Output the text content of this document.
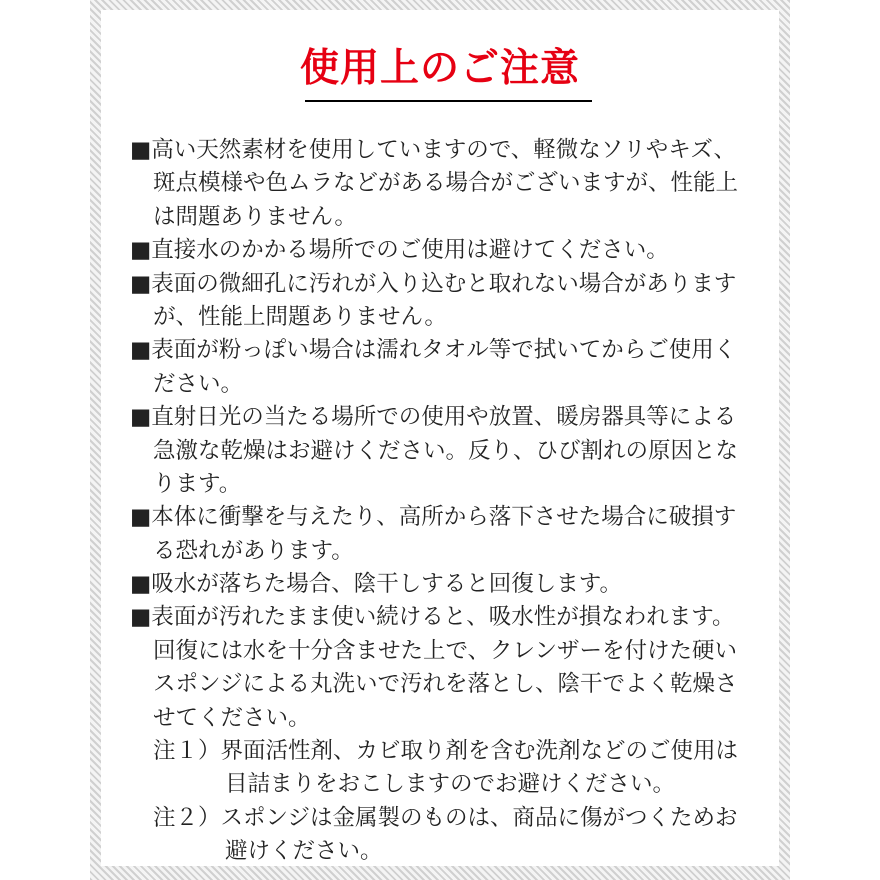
使用上のご注意
■高い天然素材を使用していますので、軽微なソリやキズ、
斑点模様や色ムラなどがある場合がございますが、性能上
は問題ありません。
■直接水のかかる場所でのご使用は避けてください。
■表面の微細孔に汚れが入り込むと取れない場合があります
が、性能上問題ありません。
■表面が粉っぽい場合は濡れタオル等で拭いてからご使用く
ださい。
■直射日光の当たる場所での使用や放置、暖房器具等による
急激な乾燥はお避けください。反り、ひび割れの原因とな
ります。
■本体に衝撃を与えたり、高所から落下させた場合に破損す
る恐れがあります。
■吸水が落ちた場合、陰干しすると回復します。
■表面が汚れたまま使い続けると、吸水性が損なわれます。
回復には水を十分含ませた上で、クレンザーを付けた硬い
スポンジによる丸洗いで汚れを落とし、陰干でよく乾燥さ
せてください。
注１）界面活性剤、カビ取り剤を含む洗剤などのご使用は
目詰まりをおこしますのでお避けください。
注２）スポンジは金属製のものは、商品に傷がつくためお
避けください。
